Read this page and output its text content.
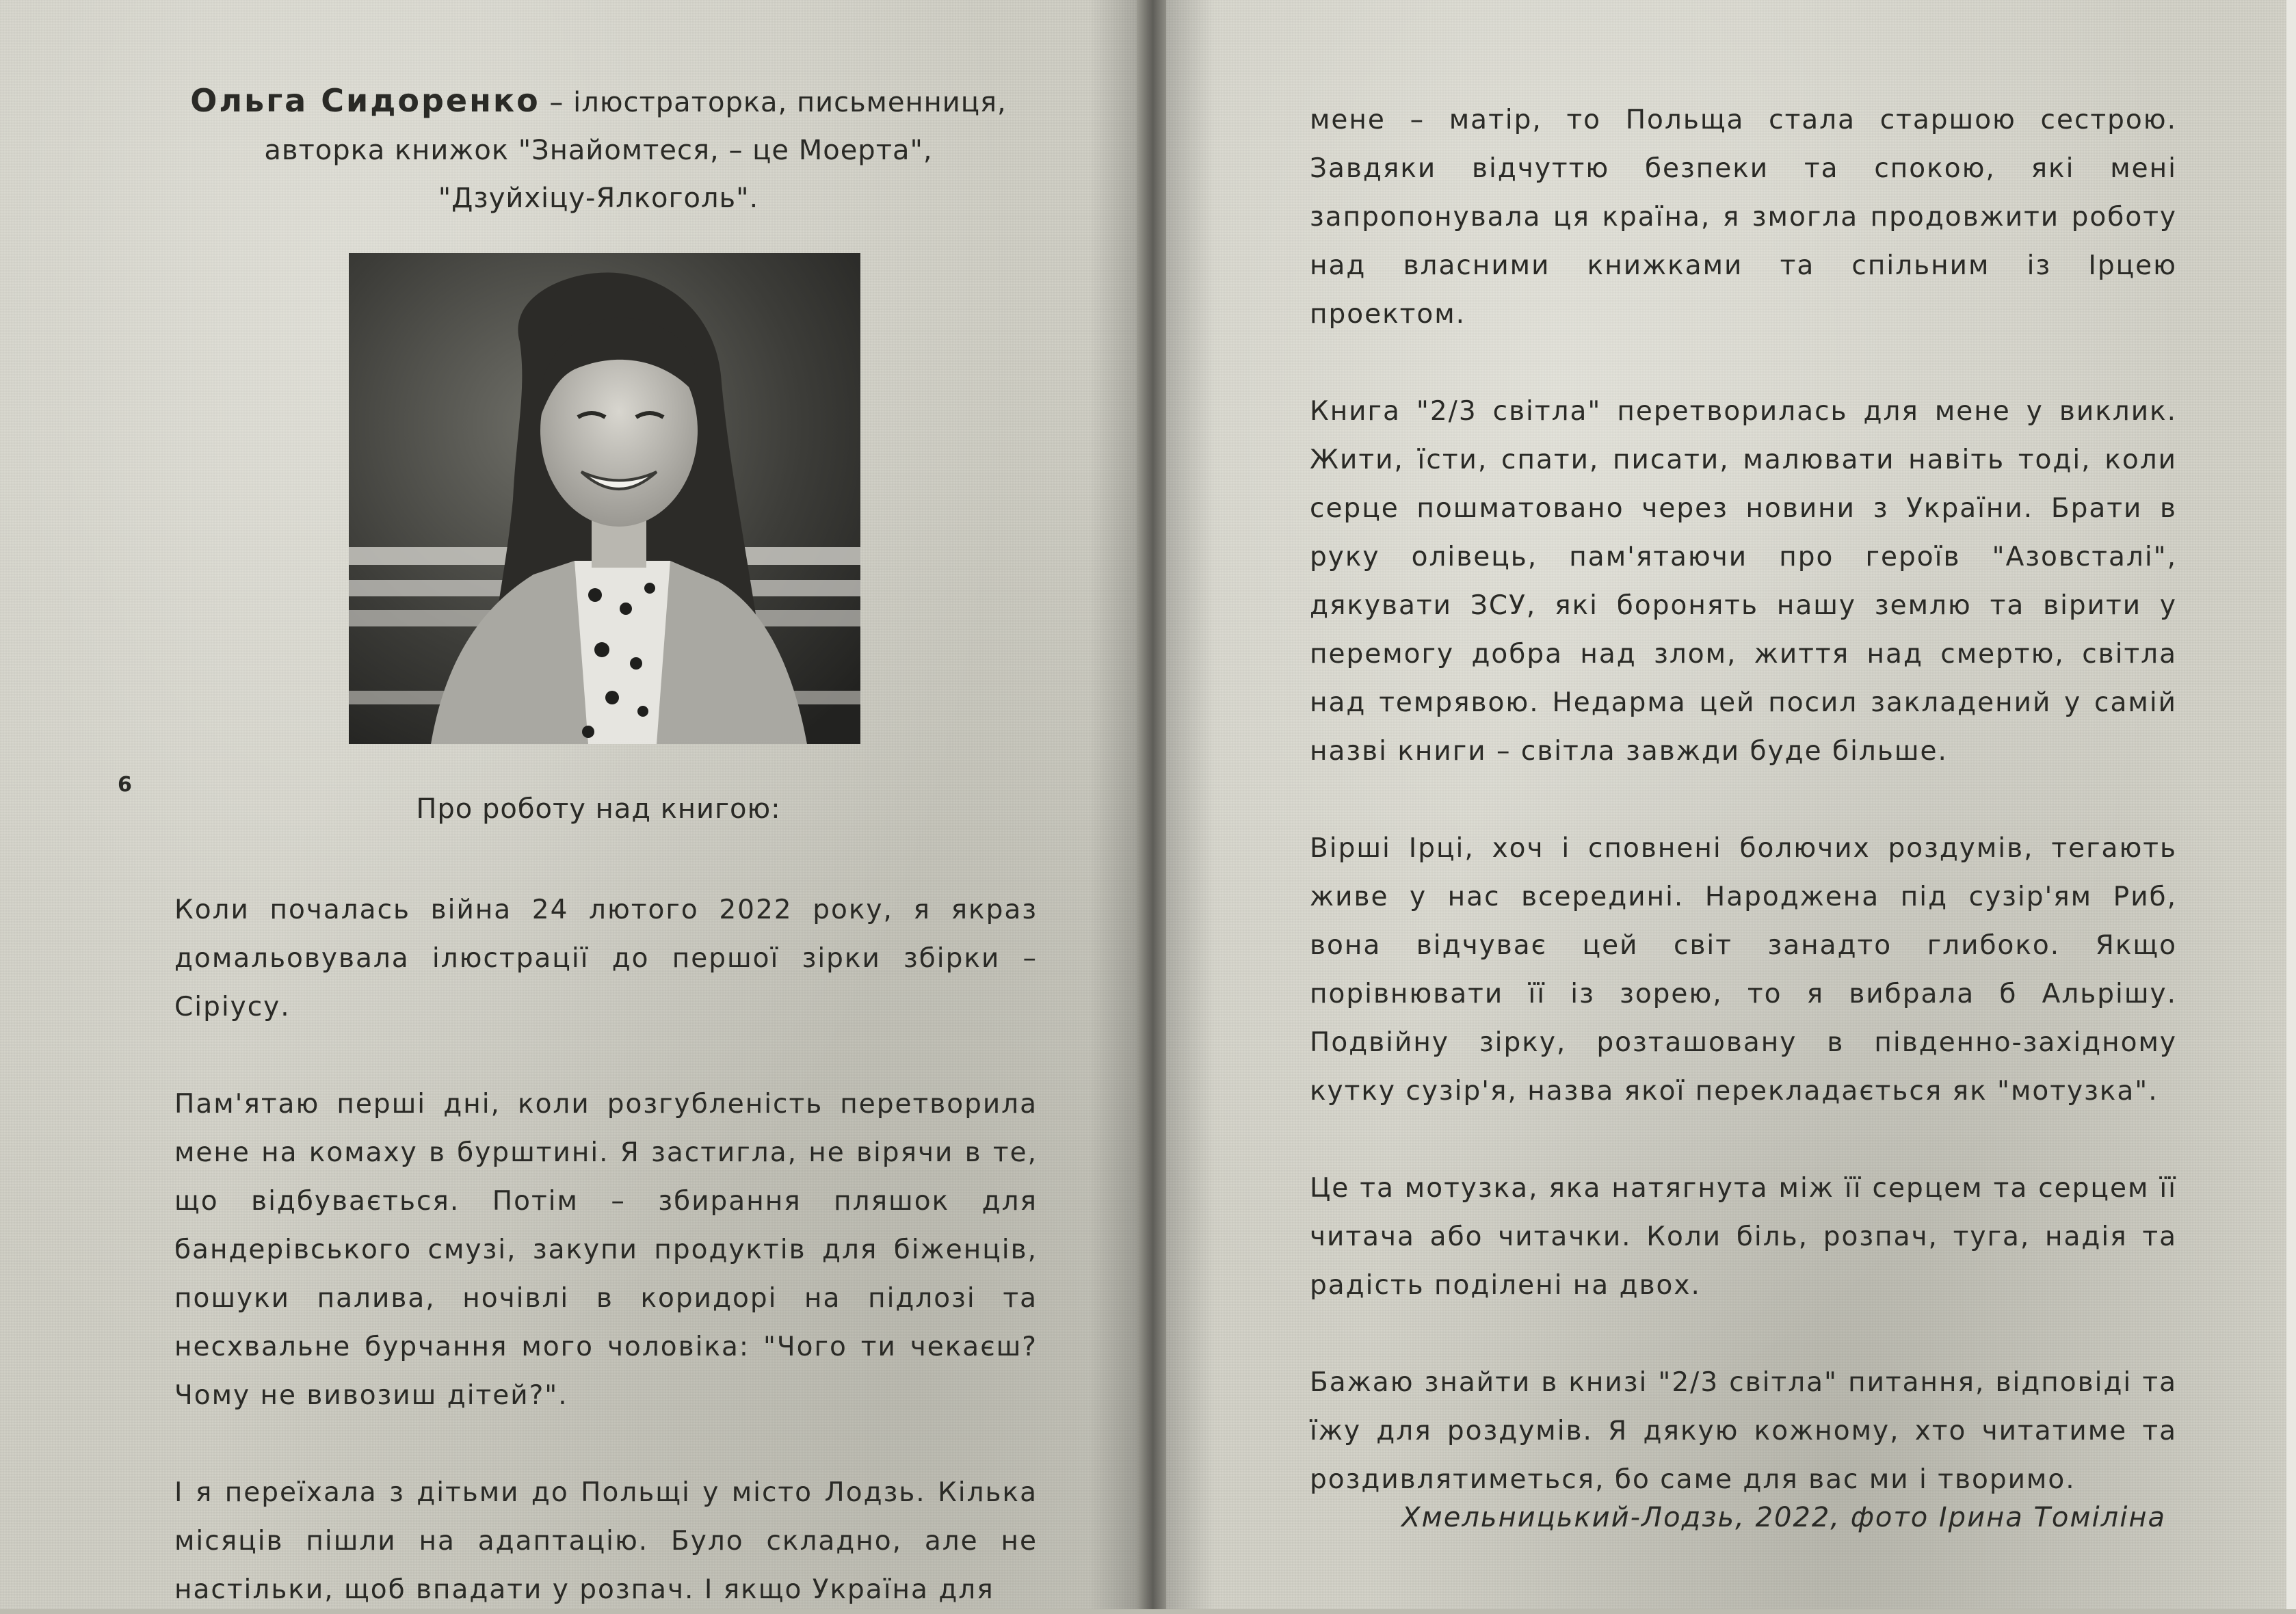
Ольга Сидоренко – ілюстраторка, письменниця,
авторка книжок "Знайомтеся, – це Моерта",
"Дзуйхіцу-Ялкоголь".
6
Про роботу над книгою:

Коли почалась війна 24 лютого 2022 року, я якраз домальовувала ілюстрації до першої зірки збірки – Сіріусу.

Пам'ятаю перші дні, коли розгубленість перетворила мене на комаху в бурштині. Я застигла, не вірячи в те, що відбувається. Потім – збирання пляшок для бандерівського смузі, закупи продуктів для біженців, пошуки палива, ночівлі в коридорі на підлозі та несхвальне бурчання мого чоловіка: "Чого ти чекаєш? Чому не вивозиш дітей?".

І я переїхала з дітьми до Польщі у місто Лодзь. Кілька місяців пішли на адаптацію. Було складно, але не настільки, щоб впадати у розпач. І якщо Україна для

мене – матір, то Польща стала старшою сестрою. Завдяки відчуттю безпеки та спокою, які мені запропонувала ця країна, я змогла продовжити роботу над власними книжками та спільним із Ірцею проектом.

Книга "2/3 світла" перетворилась для мене у виклик. Жити, їсти, спати, писати, малювати навіть тоді, коли серце пошматовано через новини з України. Брати в руку олівець, пам'ятаючи про героїв "Азовсталі", дякувати ЗСУ, які боронять нашу землю та вірити у перемогу добра над злом, життя над смертю, світла над темрявою. Недарма цей посил закладений у самій назві книги – світла завжди буде більше.

Вірші Ірці, хоч і сповнені болючих роздумів, тегають живе у нас всередині. Народжена під сузір'ям Риб, вона відчуває цей світ занадто глибоко. Якщо порівнювати її із зорею, то я вибрала б Альрішу. Подвійну зірку, розташовану в південно-західному кутку сузір'я, назва якої перекладається як "мотузка".

Це та мотузка, яка натягнута між її серцем та серцем її читача або читачки. Коли біль, розпач, туга, надія та радість поділені на двох.

Бажаю знайти в книзі "2/3 світла" питання, відповіді та їжу для роздумів. Я дякую кожному, хто читатиме та роздивлятиметься, бо саме для вас ми і творимо.

Хмельницький-Лодзь, 2022, фото Ірина Томіліна
